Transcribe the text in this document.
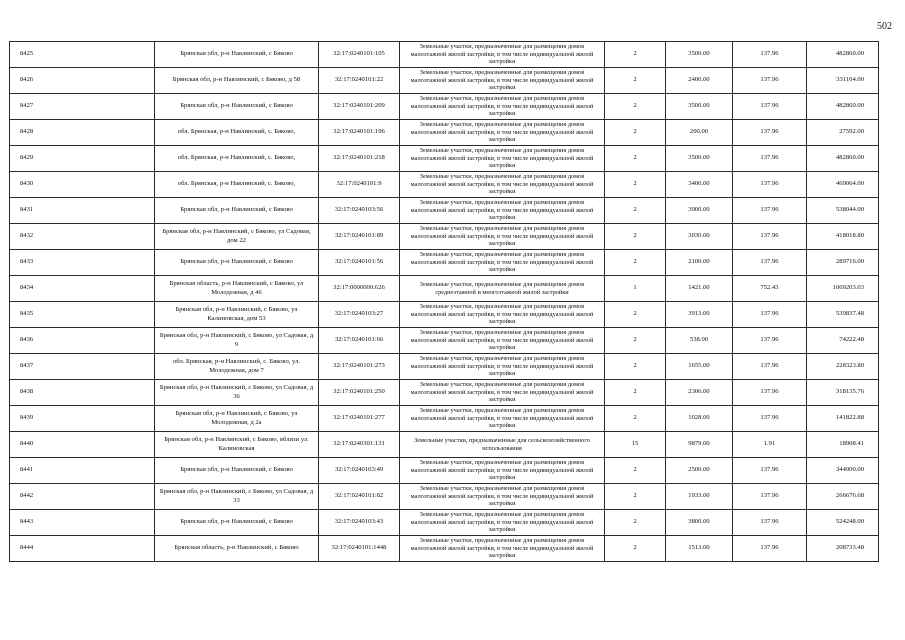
502
8425	Брянская обл, р-н Навлинский, с Бяково	32:17:0240101:105	Земельные участки, предназначенные для размещения домов малоэтажной жилой застройки, в том числе индивидуальной жилой застройки	2	3500.00	137.96	482860.00
8426	Брянская обл, р-н Навлинский, с Бяково, д 58	32:17:0240101:22	Земельные участки, предназначенные для размещения домов малоэтажной жилой застройки, в том числе индивидуальной жилой застройки	2	2400.00	137.96	331104.00
8427	Брянская обл, р-н Навлинский, с Бяково	32:17:0240101:209	Земельные участки, предназначенные для размещения домов малоэтажной жилой застройки, в том числе индивидуальной жилой застройки	2	3500.00	137.96	482860.00
8428	обл. Брянская, р-н Навлинский, с. Бяково,	32:17:0240101:196	Земельные участки, предназначенные для размещения домов малоэтажной жилой застройки, в том числе индивидуальной жилой застройки	2	200.00	137.96	27592.00
8429	обл. Брянская, р-н Навлинский, с. Бяково,	32:17:0240101:218	Земельные участки, предназначенные для размещения домов малоэтажной жилой застройки, в том числе индивидуальной жилой застройки	2	3500.00	137.96	482860.00
8430	обл. Брянская, р-н Навлинский, с. Бяково,	32:17:0240101:9	Земельные участки, предназначенные для размещения домов малоэтажной жилой застройки, в том числе индивидуальной жилой застройки	2	3400.00	137.96	469064.00
8431	Брянская обл, р-н Навлинский, с Бяково	32:17:0240103:56	Земельные участки, предназначенные для размещения домов малоэтажной жилой застройки, в том числе индивидуальной жилой застройки	2	3900.00	137.96	538044.00
8432	Брянская обл, р-н Навлинский, с Бяково, ул Садовая, дом 22	32:17:0240101:89	Земельные участки, предназначенные для размещения домов малоэтажной жилой застройки, в том числе индивидуальной жилой застройки	2	3030.00	137.96	418018.80
8433	Брянская обл, р-н Навлинский, с Бяково	32:17:0240101:56	Земельные участки, предназначенные для размещения домов малоэтажной жилой застройки, в том числе индивидуальной жилой застройки	2	2100.00	137.96	289716.00
8434	Брянская область, р-н Навлинский, с Бяково, ул Молодежная, д 46	32:17:0000000:626	Земельные участки, предназначенные для размещения домов среднеэтажной и многоэтажной жилой застройки	1	1421.00	752.43	1069203.03
8435	Брянская обл, р-н Навлинский, с Бяково, ул Калиновская, дом 53	32:17:0240103:27	Земельные участки, предназначенные для размещения домов малоэтажной жилой застройки, в том числе индивидуальной жилой застройки	2	3913.00	137.96	539837.48
8436	Брянская обл, р-н Навлинский, с Бяково, ул Садовая, д 9	32:17:0240101:66	Земельные участки, предназначенные для размещения домов малоэтажной жилой застройки, в том числе индивидуальной жилой застройки	2	538.00	137.96	74222.48
8437	обл. Брянская, р-н Навлинский, с. Бяково, ул. Молодежная, дом 7	32:17:0240101:273	Земельные участки, предназначенные для размещения домов малоэтажной жилой застройки, в том числе индивидуальной жилой застройки	2	1655.00	137.96	228323.80
8438	Брянская обл, р-н Навлинский, с Бяково, ул Садовая, д 36	32:17:0240101:250	Земельные участки, предназначенные для размещения домов малоэтажной жилой застройки, в том числе индивидуальной жилой застройки	2	2306.00	137.96	318135.76
8439	Брянская обл, р-н Навлинский, с Бяково, ул Молодежная, д 2а	32:17:0240101:277	Земельные участки, предназначенные для размещения домов малоэтажной жилой застройки, в том числе индивидуальной жилой застройки	2	1028.00	137.96	141822.88
8440	Брянская обл, р-н Навлинский, с Бяково, вблизи ул. Калиновская	32:17:0240301:131	Земельные участки, предназначенные для сельскохозяйственного использования	15	9879.00	1.91	18908.41
8441	Брянская обл, р-н Навлинский, с Бяково	32:17:0240103:49	Земельные участки, предназначенные для размещения домов малоэтажной жилой застройки, в том числе индивидуальной жилой застройки	2	2500.00	137.96	344900.00
8442	Брянская обл, р-н Навлинский, с Бяково, ул Садовая, д 33	32:17:0240101:82	Земельные участки, предназначенные для размещения домов малоэтажной жилой застройки, в том числе индивидуальной жилой застройки	2	1933.00	137.96	266676.68
8443	Брянская обл, р-н Навлинский, с Бяково	32:17:0240103:43	Земельные участки, предназначенные для размещения домов малоэтажной жилой застройки, в том числе индивидуальной жилой застройки	2	3800.00	137.96	524248.00
8444	Брянская область, р-н Навлинский, с Бяково	32:17:0240101:1448	Земельные участки, предназначенные для размещения домов малоэтажной жилой застройки, в том числе индивидуальной жилой застройки	2	1513.00	137.96	208733.48
